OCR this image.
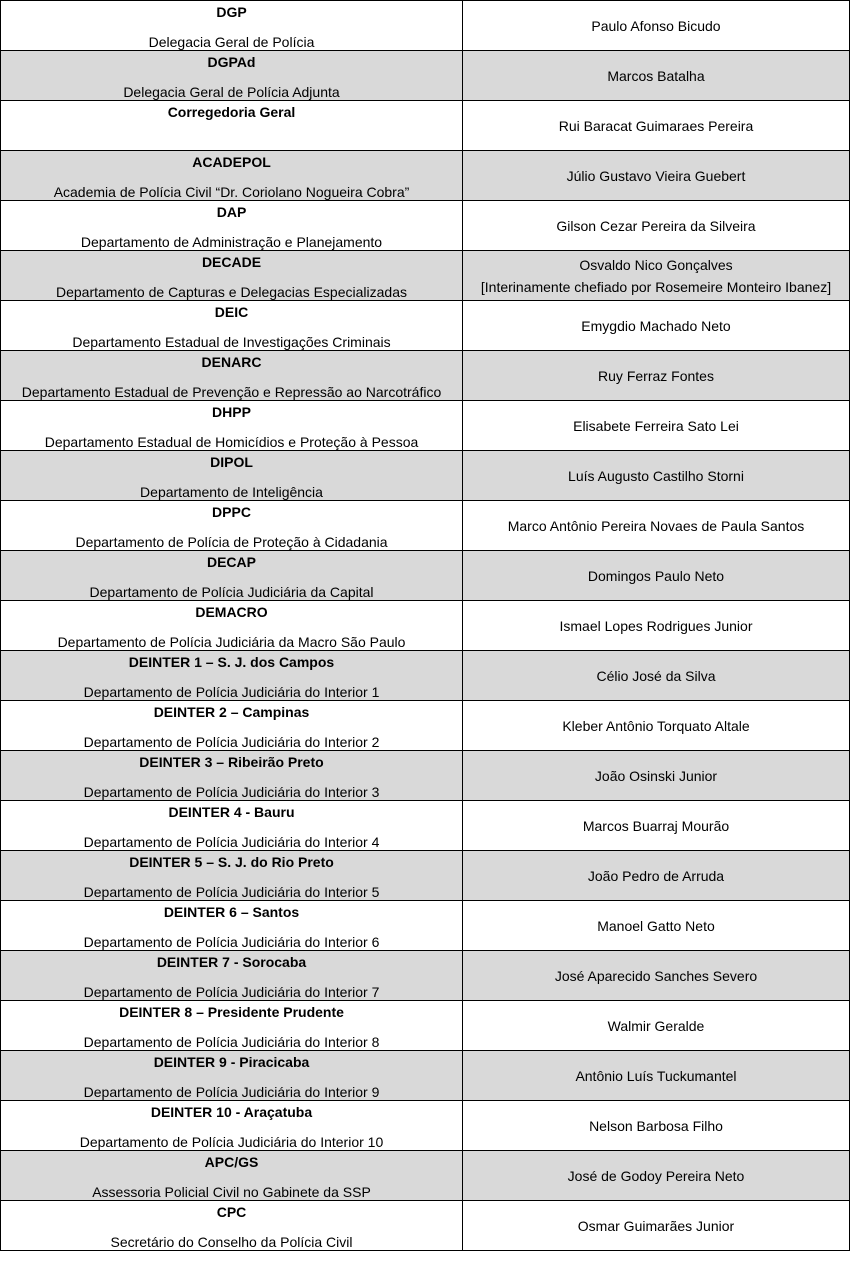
DGP
Delegacia Geral de Polícia	Paulo Afonso Bicudo

DGPAd
Delegacia Geral de Polícia Adjunta	Marcos Batalha

Corregedoria Geral	Rui Baracat Guimaraes Pereira

ACADEPOL
Academia de Polícia Civil “Dr. Coriolano Nogueira Cobra”	Júlio Gustavo Vieira Guebert

DAP
Departamento de Administração e Planejamento	Gilson Cezar Pereira da Silveira

DECADE
Departamento de Capturas e Delegacias Especializadas	Osvaldo Nico Gonçalves
[Interinamente chefiado por Rosemeire Monteiro Ibanez]

DEIC
Departamento Estadual de Investigações Criminais	Emygdio Machado Neto

DENARC
Departamento Estadual de Prevenção e Repressão ao Narcotráfico	Ruy Ferraz Fontes

DHPP
Departamento Estadual de Homicídios e Proteção à Pessoa	Elisabete Ferreira Sato Lei

DIPOL
Departamento de Inteligência	Luís Augusto Castilho Storni

DPPC
Departamento de Polícia de Proteção à Cidadania	Marco Antônio Pereira Novaes de Paula Santos

DECAP
Departamento de Polícia Judiciária da Capital	Domingos Paulo Neto

DEMACRO
Departamento de Polícia Judiciária da Macro São Paulo	Ismael Lopes Rodrigues Junior

DEINTER 1 – S. J. dos Campos
Departamento de Polícia Judiciária do Interior 1	Célio José da Silva

DEINTER 2 – Campinas
Departamento de Polícia Judiciária do Interior 2	Kleber Antônio Torquato Altale

DEINTER 3 – Ribeirão Preto
Departamento de Polícia Judiciária do Interior 3	João Osinski Junior

DEINTER 4 - Bauru
Departamento de Polícia Judiciária do Interior 4	Marcos Buarraj Mourão

DEINTER 5 – S. J. do Rio Preto
Departamento de Polícia Judiciária do Interior 5	João Pedro de Arruda

DEINTER 6 – Santos
Departamento de Polícia Judiciária do Interior 6	Manoel Gatto Neto

DEINTER 7 - Sorocaba
Departamento de Polícia Judiciária do Interior 7	José Aparecido Sanches Severo

DEINTER 8 – Presidente Prudente
Departamento de Polícia Judiciária do Interior 8	Walmir Geralde

DEINTER 9 - Piracicaba
Departamento de Polícia Judiciária do Interior 9	Antônio Luís Tuckumantel

DEINTER 10 - Araçatuba
Departamento de Polícia Judiciária do Interior 10	Nelson Barbosa Filho

APC/GS
Assessoria Policial Civil no Gabinete da SSP	José de Godoy Pereira Neto

CPC
Secretário do Conselho da Polícia Civil	Osmar Guimarães Junior
